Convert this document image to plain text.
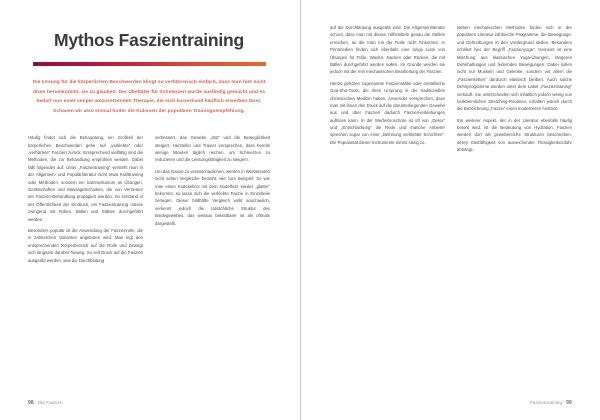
Mythos Faszientraining

Die Lösung für die körperlichen Beschwerden klingt so verführerisch einfach, dass man fast nicht drum herumkommt, sie zu glauben: Der Übeltäter für Schmerzen wurde ausfindig gemacht und es bedarf nun einer simpel umzusetzenden Therapie, die sich kurzerhand käuflich erwerben lässt. Schauen wir also einmal hinter die Kulissen der populären Trainingsempfehlung.

Häufig findet sich die Behauptung, ein Großteil der körperlichen Beschwerden gehe auf „verklebte“ oder „verhärtete“ Faszien zurück. Entsprechend vielfältig sind die Methoden, die zur Behandlung empfohlen werden. Dabei fällt folgendes auf: Unter „Faszientraining“ versteht man in der Allgemein- und Populärliteratur nicht etwa Krafttraining oder Methoden, sondern ein Sammelsurium an Übungen, Gerätschaften und Massagetechniken, die von Vertretern der Faszien-Behandlung propagiert werden. So entstand in der Öffentlichkeit der Eindruck, ein Faszientraining müsse zwingend mit Rollen, Bällen und Stäben durchgeführt werden.

Besonders populär ist die Anwendung der Faszienrolle, die in zahlreichen Varianten angeboten wird. Man legt den entsprechenden Körperbereich auf die Rolle und bewegt sich langsam darüber hinweg. So soll Druck auf die Faszien ausgeübt werden, was die Durchblutung

verbessert, das Gewebe „löst“ und die Beweglichkeit steigert. Hersteller und Trainer versprechen, dass bereits wenige Minuten täglich reichen, um Schmerzen zu reduzieren und die Leistungsfähigkeit zu steigern.

Um das Ganze zu veranschaulichen, werden in Werbetexten nicht selten Vergleiche bemüht, wie zum Beispiel: So wie man einen Knäckebrot mit dem Nudelholz wieder „glatter“ bekommt, so lasse sich die verklebte Faszie in Einzelteile zerlegen. Dieser bildhafte Vergleich wirkt anschaulich, verkennt jedoch die tatsächliche Struktur des Bindegewebes, das weitaus belastbarer ist als oftmals dargestellt.

98 Die Faszien

auf die Durchblutung ausgeübt wird. Die Allgemeinliteratur schont, dass man mit diesen Hilfsmitteln genau die Stellen erreichen, an die man mit der Rolle nicht hinkommt. In Printmedien finden sich ebenfalls eine lange Liste von Übungen für Füße, Waden, Nacken oder Rücken, die mit Bällen durchgeführt werden sollen. Im Grunde werden sie jedoch mit der rein mechanischen Bearbeitung der Faszien.

Hierzu gehören sogenannte Faszienstäbe oder metallische Gua-Sha-Tools, die ihren Ursprung in der traditionellen chinesischen Medizin haben. Anwender versprechen, dass man mit ihnen den Druck auf die darunterliegenden Gewebe aus und über Faszien dadurch Faszienverklebungen auflösen kann. In der Werbebroschüre ist oft von „Detox“ und „Entschlackung“ die Rede und manche Anbieter sprechen sogar von einer „Befreiung verklebter Schichten“. Die Popularität dieser Instrumente nimmt stetig zu.

Neben mechanischen Methoden finden sich in der populären Literatur zahlreiche Programme, die Bewegungs- und Dehnübungen in den Vordergrund stellen. Besonders schillert hier der Begriff „Faszienyoga“. Gemeint ist eine Mischung aus klassischen Yoga-Übungen, längeren Dehnhaltungen und federnden Bewegungen. Dabei sollen nicht nur Muskeln und Gelenke, sondern vor allem die „Faszienketten“ dardurch elastisch bleiben. Auch solche Dehnprogramme werden unter dem Label „Faszientraining“ verkauft. Sie unterscheiden sich inhaltlich jedoch wenig von herkömmlichen Stretching-Routinen, erhalten jedoch durch die Bezeichnung „Faszie“ einen moderneren Anstrich.

Ein weiterer Aspekt, der in der Literatur ebenfalls häufig betont wird, ist die Bedeutung von Hydration. Faszien werden dort als gewebereiche Strukturen beschrieben, deren Gleitfähigkeit von ausreichender Flüssigkeitszufuhr abhängt.

Faszientraining 99
